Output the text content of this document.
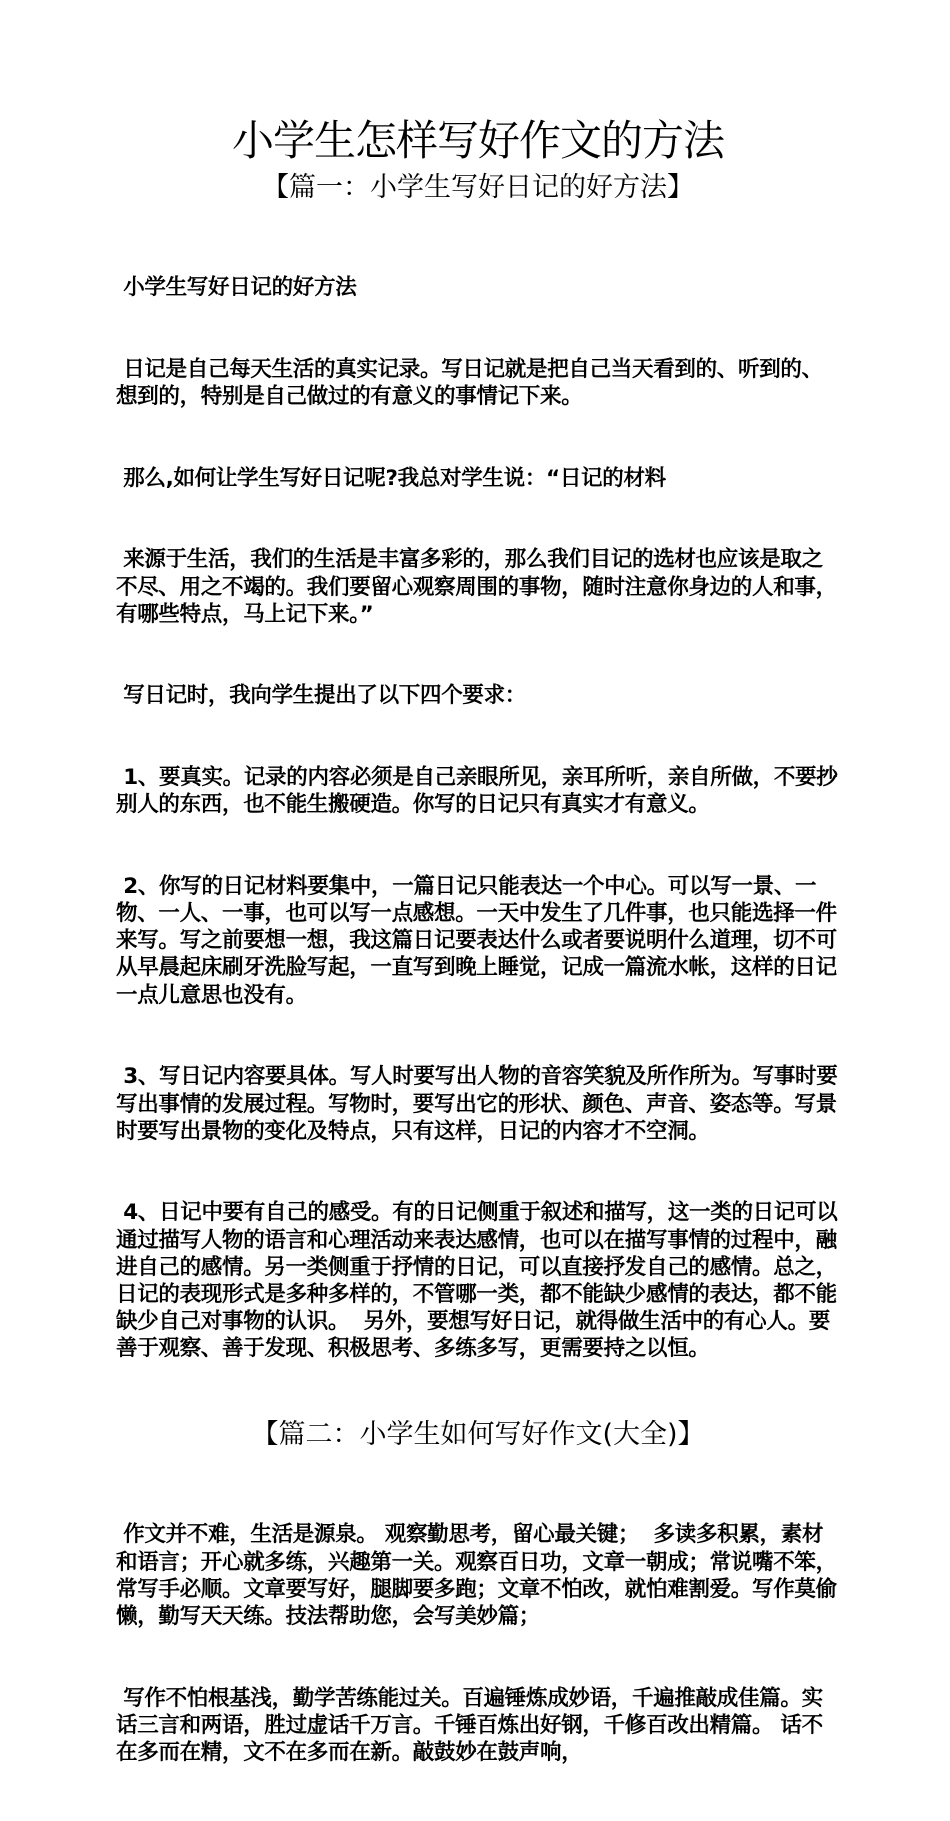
小学生怎样写好作文的方法
【篇一：小学生写好日记的好方法】

小学生写好日记的好方法

日记是自己每天生活的真实记录。写日记就是把自己当天看到的、听到的、想到的，特别是自己做过的有意义的事情记下来。

那么,如何让学生写好日记呢?我总对学生说：“日记的材料

来源于生活，我们的生活是丰富多彩的，那么我们目记的选材也应该是取之不尽、用之不竭的。我们要留心观察周围的事物，随时注意你身边的人和事，有哪些特点，马上记下来。”

写日记时，我向学生提出了以下四个要求：

1、要真实。记录的内容必须是自己亲眼所见，亲耳所听，亲自所做，不要抄别人的东西，也不能生搬硬造。你写的日记只有真实才有意义。

2、你写的日记材料要集中，一篇日记只能表达一个中心。可以写一景、一物、一人、一事，也可以写一点感想。一天中发生了几件事，也只能选择一件来写。写之前要想一想，我这篇日记要表达什么或者要说明什么道理，切不可从早晨起床刷牙洗脸写起，一直写到晚上睡觉，记成一篇流水帐，这样的日记一点儿意思也没有。

3、写日记内容要具体。写人时要写出人物的音容笑貌及所作所为。写事时要写出事情的发展过程。写物时，要写出它的形状、颜色、声音、姿态等。写景时要写出景物的变化及特点，只有这样，日记的内容才不空洞。

4、日记中要有自己的感受。有的日记侧重于叙述和描写，这一类的日记可以通过描写人物的语言和心理活动来表达感情，也可以在描写事情的过程中，融进自己的感情。另一类侧重于抒情的日记，可以直接抒发自己的感情。总之，日记的表现形式是多种多样的，不管哪一类，都不能缺少感情的表达，都不能缺少自己对事物的认识。  另外，要想写好日记，就得做生活中的有心人。要善于观察、善于发现、积极思考、多练多写，更需要持之以恒。

【篇二：小学生如何写好作文(大全)】

作文并不难，生活是源泉。 观察勤思考，留心最关键；  多读多积累，素材和语言；开心就多练，兴趣第一关。观察百日功，文章一朝成；常说嘴不笨，常写手必顺。文章要写好，腿脚要多跑；文章不怕改，就怕难割爱。写作莫偷懒，勤写天天练。技法帮助您，会写美妙篇；

写作不怕根基浅，勤学苦练能过关。百遍锤炼成妙语，千遍推敲成佳篇。实话三言和两语，胜过虚话千万言。千锤百炼出好钢，千修百改出精篇。 话不在多而在精，文不在多而在新。敲鼓妙在鼓声响，
